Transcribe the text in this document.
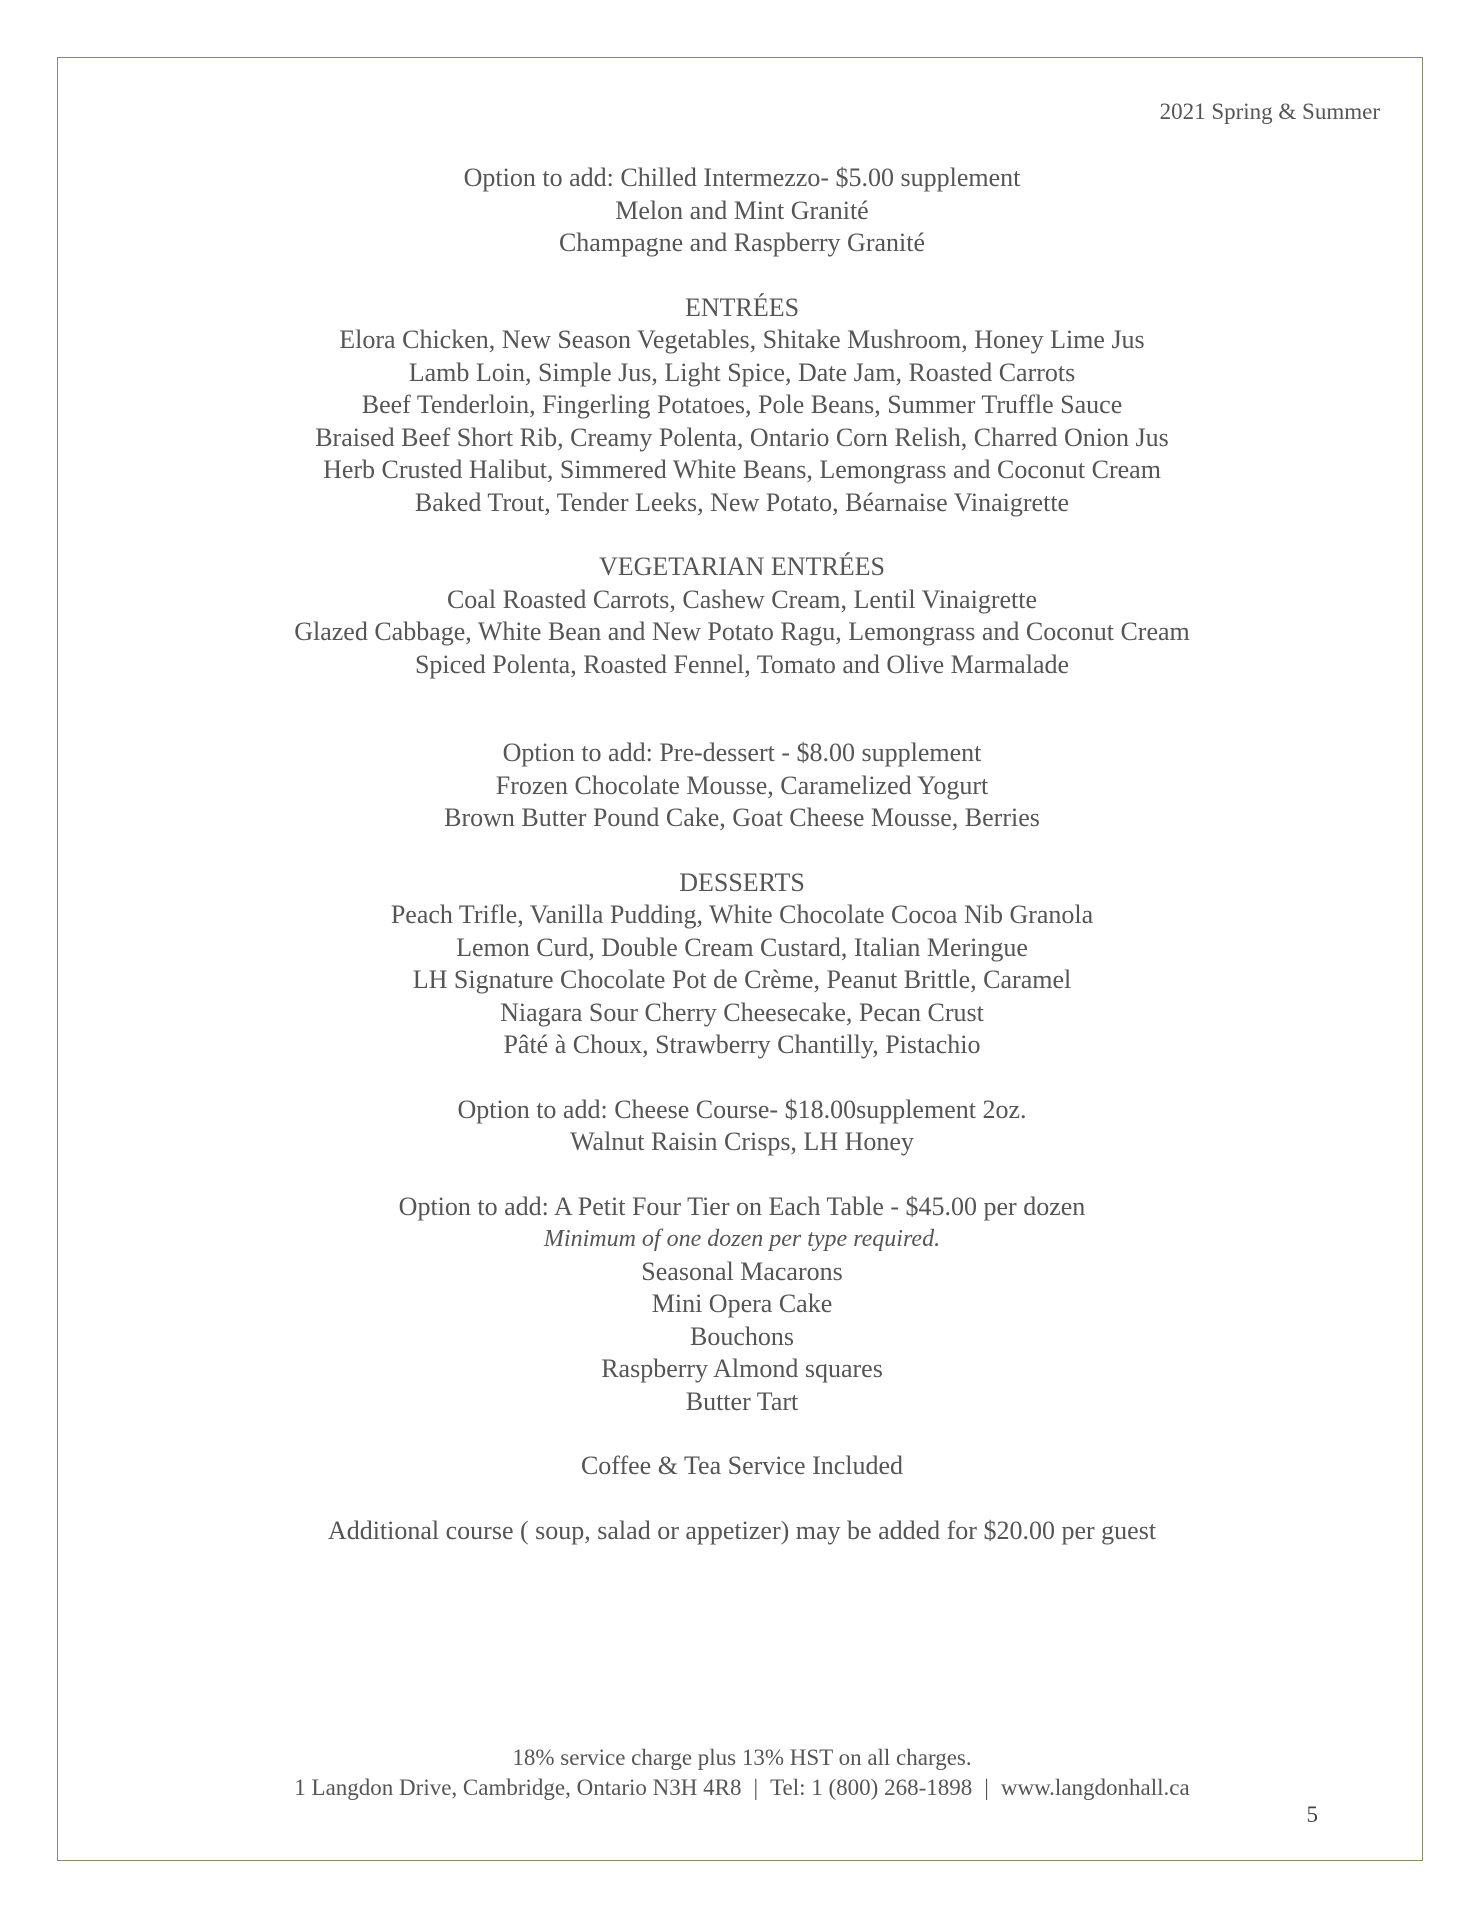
2021 Spring & Summer
Option to add: Chilled Intermezzo- $5.00 supplement
Melon and Mint Granité
Champagne and Raspberry Granité
ENTRÉES
Elora Chicken, New Season Vegetables, Shitake Mushroom, Honey Lime Jus
Lamb Loin, Simple Jus, Light Spice, Date Jam, Roasted Carrots
Beef Tenderloin, Fingerling Potatoes, Pole Beans, Summer Truffle Sauce
Braised Beef Short Rib, Creamy Polenta, Ontario Corn Relish, Charred Onion Jus
Herb Crusted Halibut, Simmered White Beans, Lemongrass and Coconut Cream
Baked Trout, Tender Leeks, New Potato, Béarnaise Vinaigrette
VEGETARIAN ENTRÉES
Coal Roasted Carrots, Cashew Cream, Lentil Vinaigrette
Glazed Cabbage, White Bean and New Potato Ragu, Lemongrass and Coconut Cream
Spiced Polenta, Roasted Fennel, Tomato and Olive Marmalade
Option to add: Pre-dessert - $8.00 supplement
Frozen Chocolate Mousse, Caramelized Yogurt
Brown Butter Pound Cake, Goat Cheese Mousse, Berries
DESSERTS
Peach Trifle, Vanilla Pudding, White Chocolate Cocoa Nib Granola
Lemon Curd, Double Cream Custard, Italian Meringue
LH Signature Chocolate Pot de Crème, Peanut Brittle, Caramel
Niagara Sour Cherry Cheesecake, Pecan Crust
Pâté à Choux, Strawberry Chantilly, Pistachio
Option to add: Cheese Course- $18.00supplement 2oz.
Walnut Raisin Crisps, LH Honey
Option to add: A Petit Four Tier on Each Table - $45.00 per dozen
Minimum of one dozen per type required.
Seasonal Macarons
Mini Opera Cake
Bouchons
Raspberry Almond squares
Butter Tart
Coffee & Tea Service Included
Additional course ( soup, salad or appetizer) may be added for $20.00 per guest
18% service charge plus 13% HST on all charges.
1 Langdon Drive, Cambridge, Ontario N3H 4R8 | Tel: 1 (800) 268-1898 | www.langdonhall.ca
5
